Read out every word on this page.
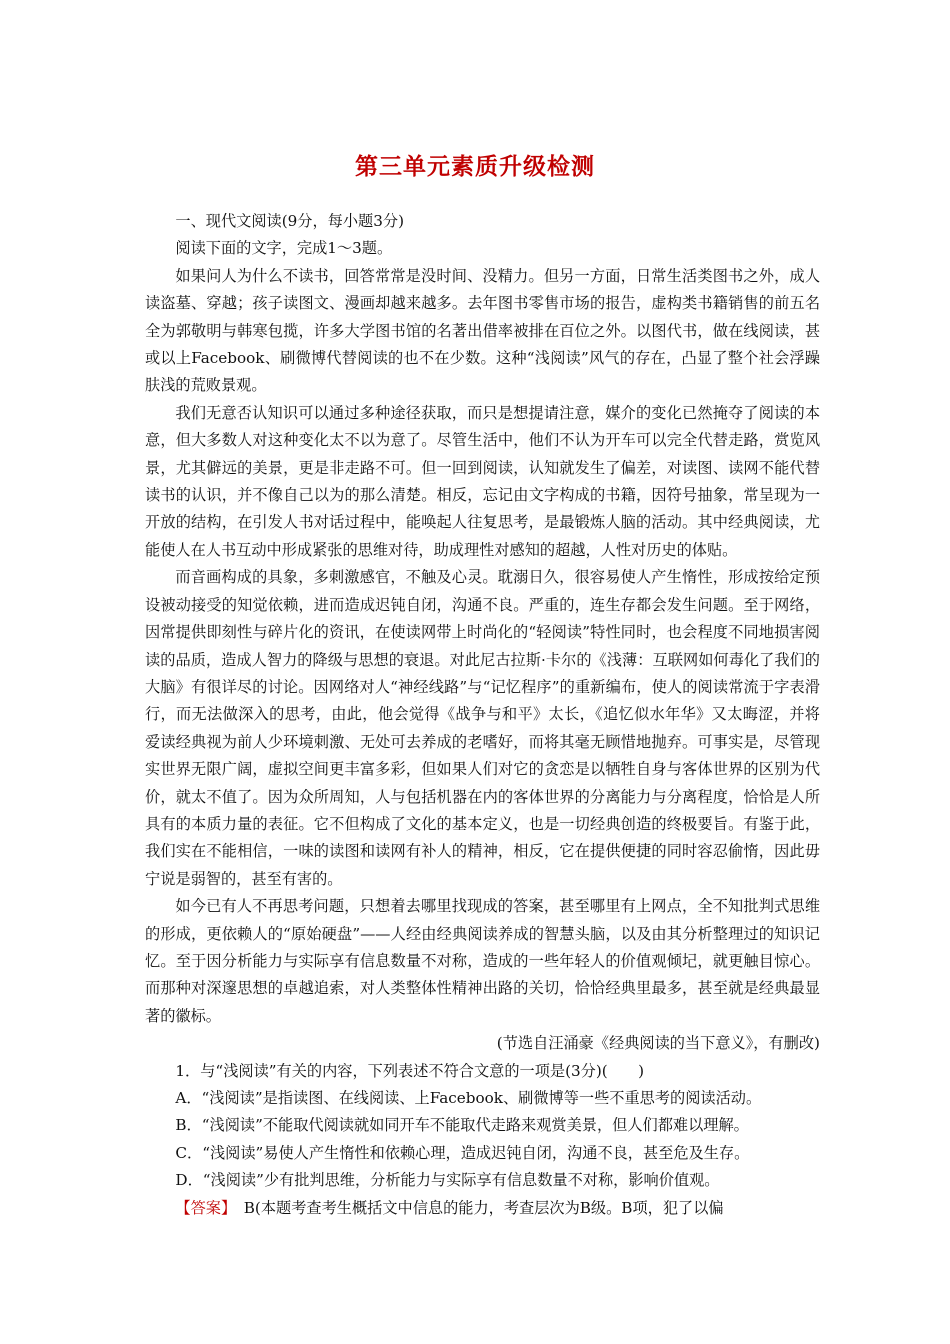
第三单元素质升级检测

一、现代文阅读(9分，每小题3分)

阅读下面的文字，完成1～3题。

如果问人为什么不读书，回答常常是没时间、没精力。但另一方面，日常生活类图书之外，成人读盗墓、穿越；孩子读图文、漫画却越来越多。去年图书零售市场的报告，虚构类书籍销售的前五名全为郭敬明与韩寒包揽，许多大学图书馆的名著出借率被排在百位之外。以图代书，做在线阅读，甚或以上Facebook、刷微博代替阅读的也不在少数。这种“浅阅读”风气的存在，凸显了整个社会浮躁肤浅的荒败景观。

我们无意否认知识可以通过多种途径获取，而只是想提请注意，媒介的变化已然掩夺了阅读的本意，但大多数人对这种变化太不以为意了。尽管生活中，他们不认为开车可以完全代替走路，赏览风景，尤其僻远的美景，更是非走路不可。但一回到阅读，认知就发生了偏差，对读图、读网不能代替读书的认识，并不像自己以为的那么清楚。相反，忘记由文字构成的书籍，因符号抽象，常呈现为一开放的结构，在引发人书对话过程中，能唤起人往复思考，是最锻炼人脑的活动。其中经典阅读，尤能使人在人书互动中形成紧张的思维对待，助成理性对感知的超越，人性对历史的体贴。

而音画构成的具象，多刺激感官，不触及心灵。耽溺日久，很容易使人产生惰性，形成按给定预设被动接受的知觉依赖，进而造成迟钝自闭，沟通不良。严重的，连生存都会发生问题。至于网络，因常提供即刻性与碎片化的资讯，在使读网带上时尚化的“轻阅读”特性同时，也会程度不同地损害阅读的品质，造成人智力的降级与思想的衰退。对此尼古拉斯·卡尔的《浅薄：互联网如何毒化了我们的大脑》有很详尽的讨论。因网络对人“神经线路”与“记忆程序”的重新编布，使人的阅读常流于字表滑行，而无法做深入的思考，由此，他会觉得《战争与和平》太长，《追忆似水年华》又太晦涩，并将爱读经典视为前人少环境刺激、无处可去养成的老嗜好，而将其毫无顾惜地抛弃。可事实是，尽管现实世界无限广阔，虚拟空间更丰富多彩，但如果人们对它的贪恋是以牺牲自身与客体世界的区别为代价，就太不值了。因为众所周知，人与包括机器在内的客体世界的分离能力与分离程度，恰恰是人所具有的本质力量的表征。它不但构成了文化的基本定义，也是一切经典创造的终极要旨。有鉴于此，我们实在不能相信，一味的读图和读网有补人的精神，相反，它在提供便捷的同时容忍偷惰，因此毋宁说是弱智的，甚至有害的。

如今已有人不再思考问题，只想着去哪里找现成的答案，甚至哪里有上网点，全不知批判式思维的形成，更依赖人的“原始硬盘”——人经由经典阅读养成的智慧头脑，以及由其分析整理过的知识记忆。至于因分析能力与实际享有信息数量不对称，造成的一些年轻人的价值观倾圮，就更触目惊心。而那种对深邃思想的卓越追索，对人类整体性精神出路的关切，恰恰经典里最多，甚至就是经典最显著的徽标。

(节选自汪涌豪《经典阅读的当下意义》，有删改)

1．与“浅阅读”有关的内容，下列表述不符合文意的一项是(3分)(　　)

A．“浅阅读”是指读图、在线阅读、上Facebook、刷微博等一些不重思考的阅读活动。

B．“浅阅读”不能取代阅读就如同开车不能取代走路来观赏美景，但人们都难以理解。

C．“浅阅读”易使人产生惰性和依赖心理，造成迟钝自闭，沟通不良，甚至危及生存。

D．“浅阅读”少有批判思维，分析能力与实际享有信息数量不对称，影响价值观。

【答案】　B(本题考查考生概括文中信息的能力，考查层次为B级。B项，犯了以偏
